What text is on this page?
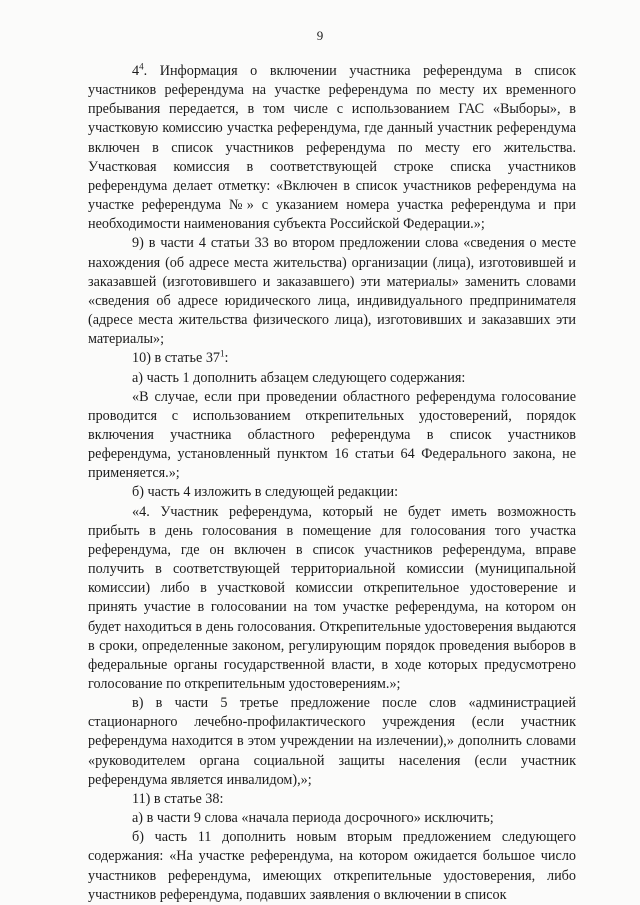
9

$4^4$. Информация о включении участника референдума в список участников референдума на участке референдума по месту их временного пребывания передается, в том числе с использованием ГАС «Выборы», в участковую комиссию участка референдума, где данный участник референдума включен в список участников референдума по месту его жительства. Участковая комиссия в соответствующей строке списка участников референдума делает отметку: «Включен в список участников референдума на участке референдума №» с указанием номера участка референдума и при необходимости наименования субъекта Российской Федерации.»;

9) в части 4 статьи 33 во втором предложении слова «сведения о месте нахождения (об адресе места жительства) организации (лица), изготовившей и заказавшей (изготовившего и заказавшего) эти материалы» заменить словами «сведения об адресе юридического лица, индивидуального предпринимателя (адресе места жительства физического лица), изготовивших и заказавших эти материалы»;

10) в статье $37^1$:

а) часть 1 дополнить абзацем следующего содержания:

«В случае, если при проведении областного референдума голосование проводится с использованием открепительных удостоверений, порядок включения участника областного референдума в список участников референдума, установленный пунктом 16 статьи 64 Федерального закона, не применяется.»;

б) часть 4 изложить в следующей редакции:

«4. Участник референдума, который не будет иметь возможность прибыть в день голосования в помещение для голосования того участка референдума, где он включен в список участников референдума, вправе получить в соответствующей территориальной комиссии (муниципальной комиссии) либо в участковой комиссии открепительное удостоверение и принять участие в голосовании на том участке референдума, на котором он будет находиться в день голосования. Открепительные удостоверения выдаются в сроки, определенные законом, регулирующим порядок проведения выборов в федеральные органы государственной власти, в ходе которых предусмотрено голосование по открепительным удостоверениям.»;

в) в части 5 третье предложение после слов «администрацией стационарного лечебно-профилактического учреждения (если участник референдума находится в этом учреждении на излечении),» дополнить словами «руководителем органа социальной защиты населения (если участник референдума является инвалидом),»;

11) в статье 38:

а) в части 9 слова «начала периода досрочного» исключить;

б) часть 11 дополнить новым вторым предложением следующего содержания: «На участке референдума, на котором ожидается большое число участников референдума, имеющих открепительные удостоверения, либо участников референдума, подавших заявления о включении в список
